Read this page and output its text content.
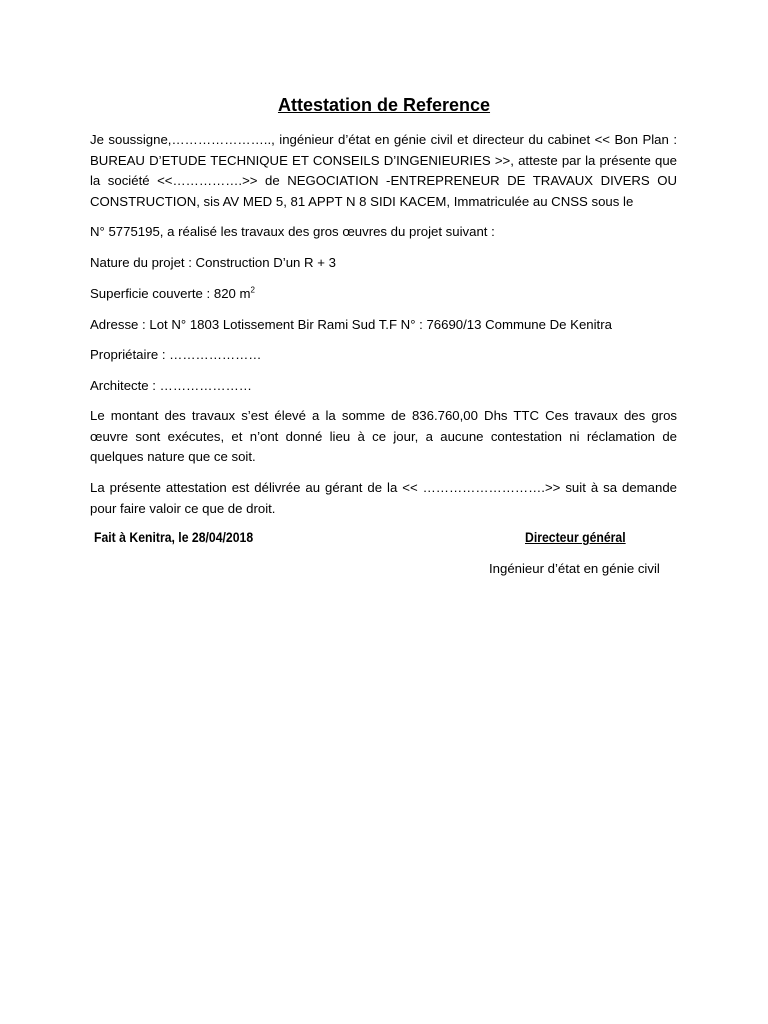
Attestation de Reference
Je soussigne,………………….., ingénieur d’état en génie civil et directeur du cabinet << Bon Plan : BUREAU D’ETUDE TECHNIQUE ET CONSEILS D’INGENIEURIES >>, atteste par la présente que la société <<…………….>> de NEGOCIATION -ENTREPRENEUR DE TRAVAUX DIVERS OU CONSTRUCTION, sis AV MED 5, 81 APPT N 8 SIDI KACEM, Immatriculée au CNSS sous le
N° 5775195, a réalisé les travaux des gros œuvres du projet suivant :
Nature du projet : Construction D’un R + 3
Superficie couverte : 820 $m^2$
Adresse : Lot N° 1803 Lotissement Bir Rami Sud T.F N° : 76690/13 Commune De Kenitra
Propriétaire : …………………
Architecte : …………………
Le montant des travaux s’est élevé a la somme de 836.760,00 Dhs TTC Ces travaux des gros œuvre sont exécutes, et n’ont donné lieu à ce jour, a aucune contestation ni réclamation de quelques nature que ce soit.
La présente attestation est délivrée au gérant de la << ……………………….>> suit à sa demande pour faire valoir ce que de droit.
Fait à Kenitra, le 28/04/2018	Directeur général
Ingénieur d’état en génie civil
